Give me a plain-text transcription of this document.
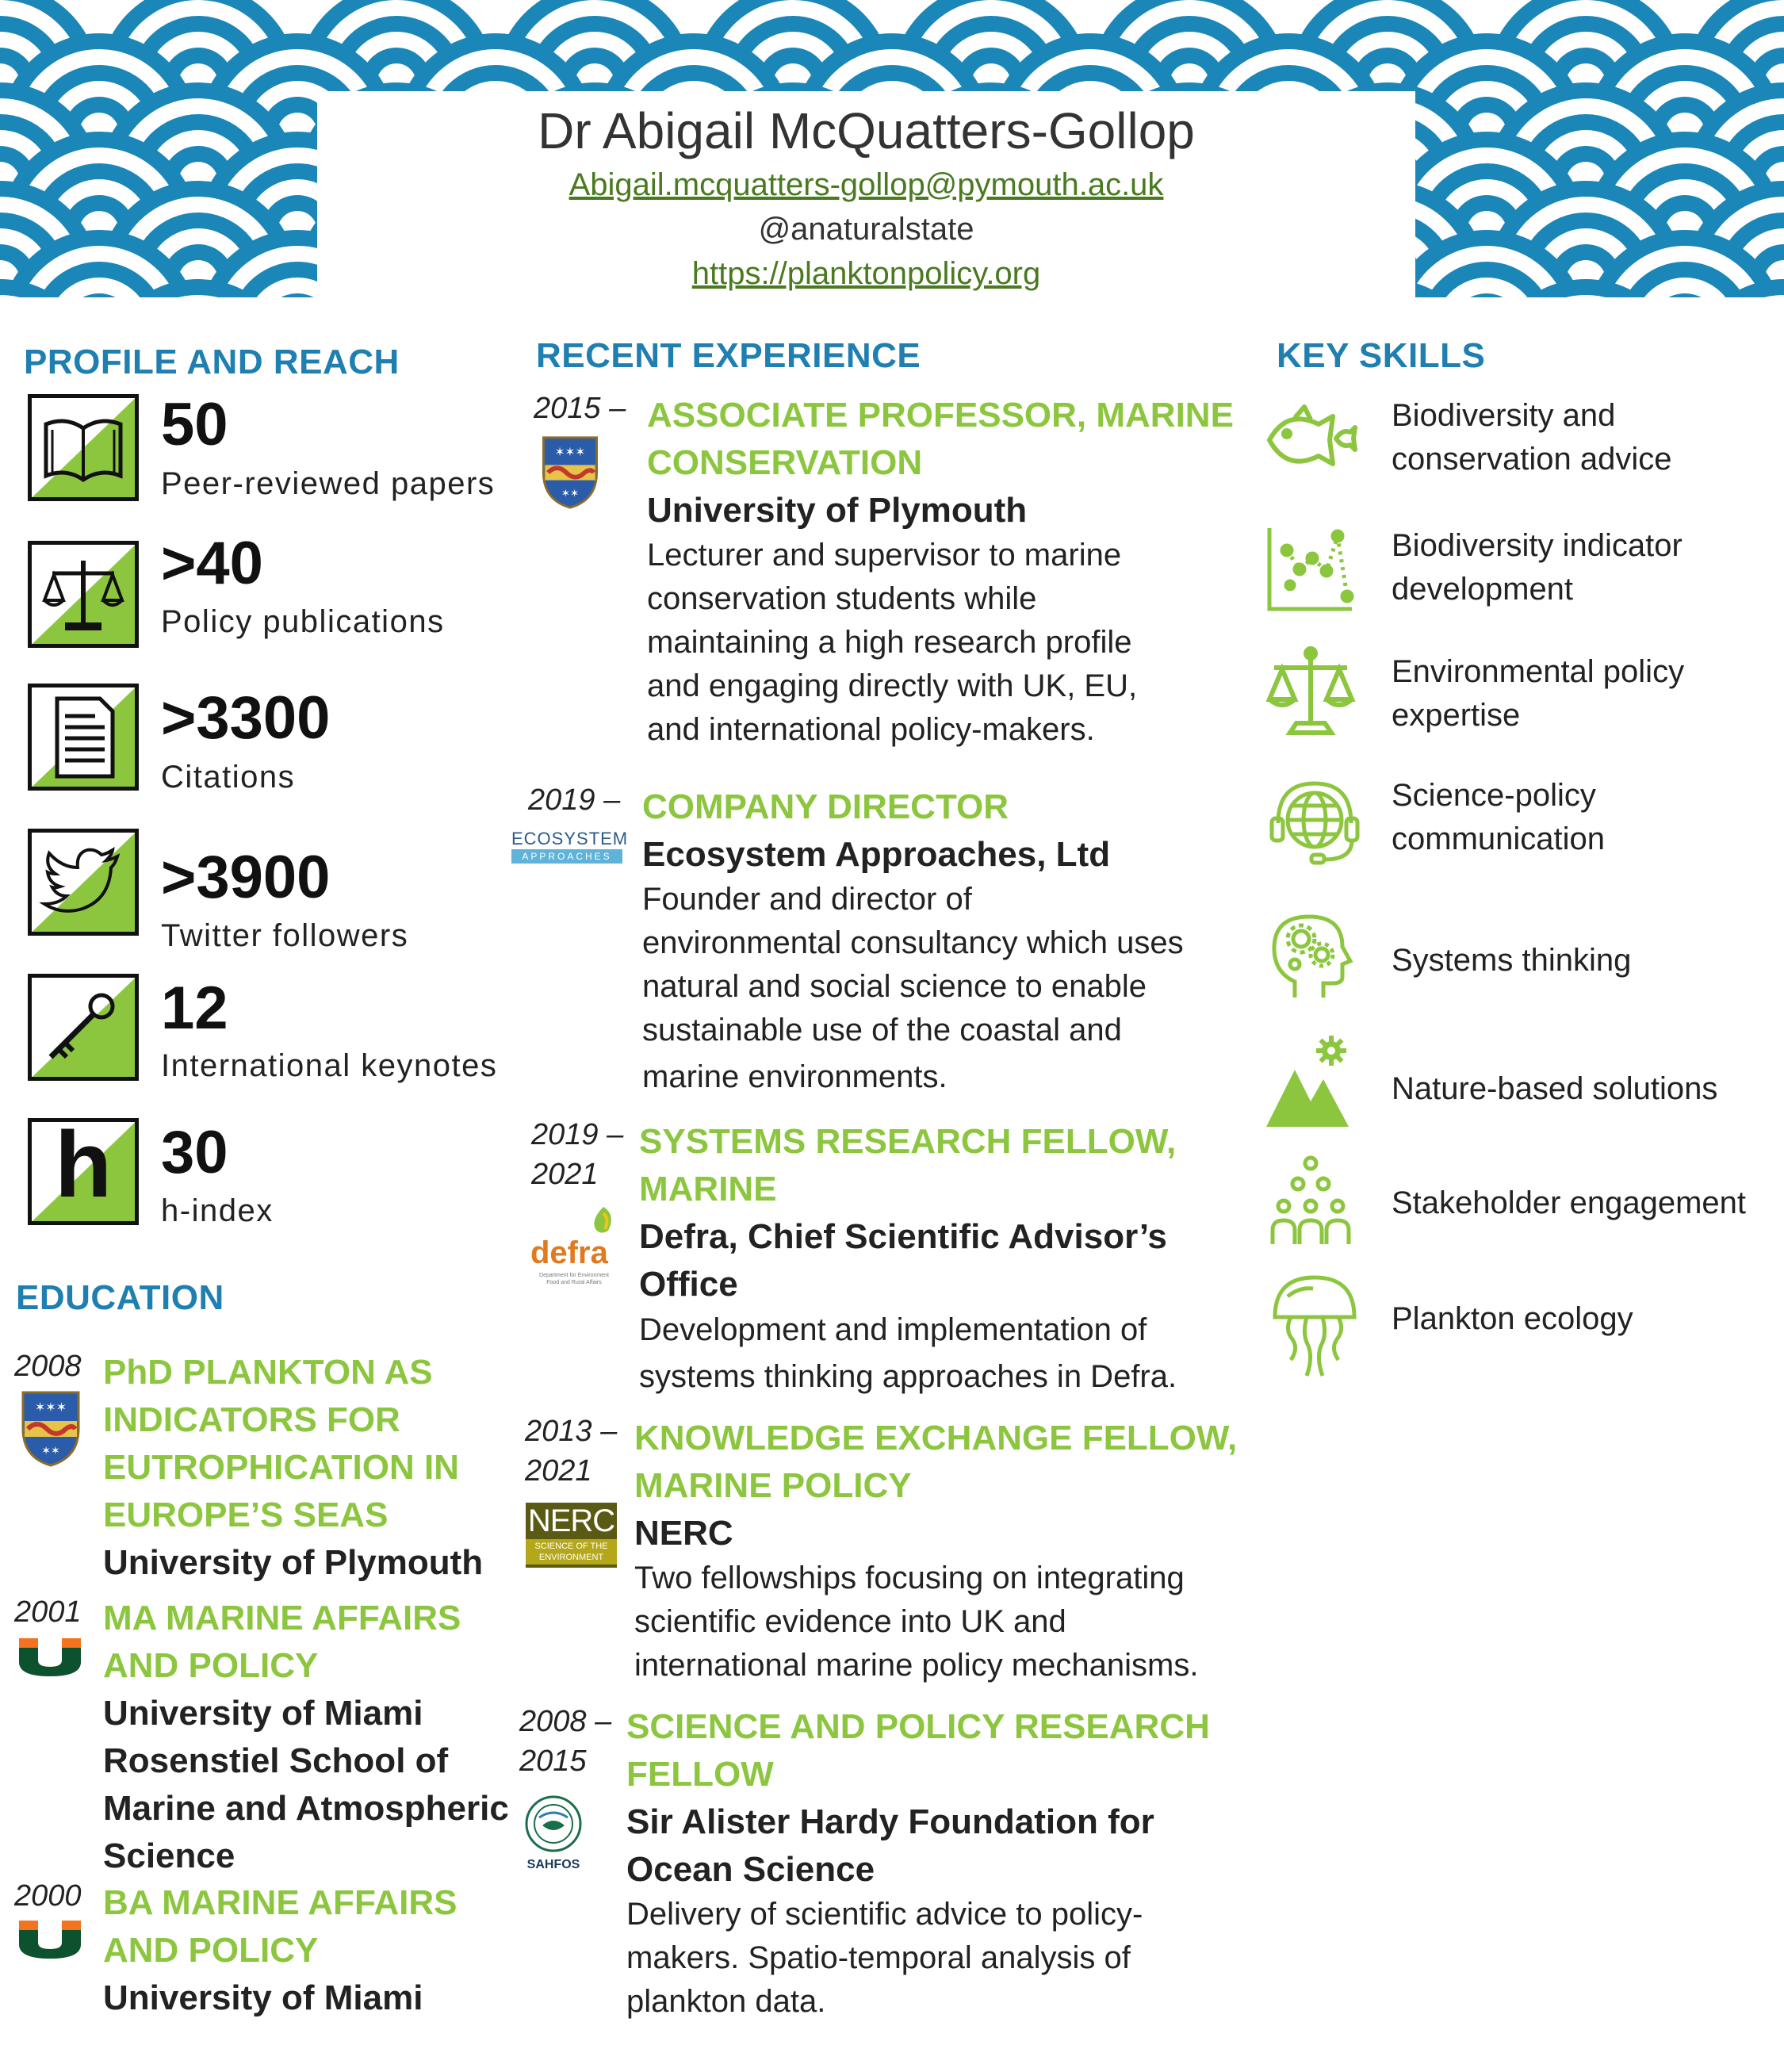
Dr Abigail McQuatters-Gollop
Abigail.mcquatters-gollop@pymouth.ac.uk
@anaturalstate
https://planktonpolicy.org
PROFILE AND REACH
50
Peer-reviewed papers
>40
Policy publications
>3300
Citations
>3900
Twitter followers
12
International keynotes
h 30
h-index
EDUCATION
2008
✶✶✶
✶✶
PhD PLANKTON AS
INDICATORS FOR
EUTROPHICATION IN
EUROPE’S SEAS
University of Plymouth
2001 MA MARINE AFFAIRS
AND POLICY
University of Miami
Rosenstiel School of
Marine and Atmospheric
Science
2000 BA MARINE AFFAIRS
AND POLICY
University of Miami
RECENT EXPERIENCE
2015 –
✶✶✶
✶✶
ASSOCIATE PROFESSOR, MARINE
CONSERVATION
University of Plymouth
Lecturer and supervisor to marine
conservation students while
maintaining a high research profile
and engaging directly with UK, EU,
and international policy-makers.
2019 –
ECOSYSTEM
APPROACHES
COMPANY DIRECTOR
Ecosystem Approaches, Ltd
Founder and director of
environmental consultancy which uses
natural and social science to enable
sustainable use of the coastal and
marine environments.
2019 –
2021
defra
Department for Environment
Food and Rural Affairs
SYSTEMS RESEARCH FELLOW,
MARINE
Defra, Chief Scientific Advisor’s
Office
Development and implementation of
systems thinking approaches in Defra.
2013 –
2021
NERC
SCIENCE OF THE
ENVIRONMENT
KNOWLEDGE EXCHANGE FELLOW,
MARINE POLICY
NERC
Two fellowships focusing on integrating
scientific evidence into UK and
international marine policy mechanisms.
2008 –
2015
SAHFOS
SCIENCE AND POLICY RESEARCH
FELLOW
Sir Alister Hardy Foundation for
Ocean Science
Delivery of scientific advice to policy-
makers. Spatio-temporal analysis of
plankton data.
KEY SKILLS
Biodiversity and
conservation advice
Biodiversity indicator
development
Environmental policy
expertise
Science-policy
communication
Systems thinking
Nature-based solutions
Stakeholder engagement
Plankton ecology
